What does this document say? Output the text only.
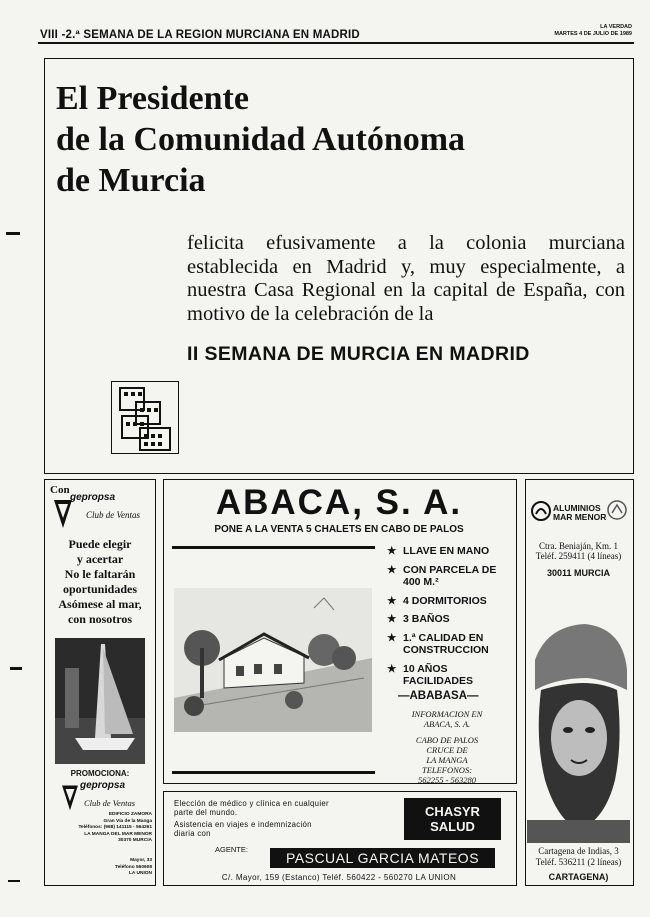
VIII -2.ª SEMANA DE LA REGION MURCIANA EN MADRID
LA VERDAD
MARTES 4 DE JULIO DE 1989
El Presidente
de la Comunidad Autónoma
de Murcia
felicita efusivamente a la colonia murciana establecida en Madrid y, muy especialmente, a nuestra Casa Regional en la capital de España, con motivo de la celebración de la
II SEMANA DE MURCIA EN MADRID
Con
gepropsa
Club de Ventas
Puede elegir
y acertar
No le faltarán
oportunidades
Asómese al mar,
con nosotros
PROMOCIONA:
gepropsa
Club de Ventas
EDIFICIO ZAMORA
Gran Vía de la Manga
Teléfonos: (968) 141115 - 564261
LA MANGA DEL MAR MENOR
30370 MURCIA
Mayor, 33
Teléfono 560608
LA UNION
ABACA, S. A.
PONE A LA VENTA 5 CHALETS EN CABO DE PALOS
★ LLAVE EN MANO
★ CON PARCELA DE 400 M.²
★ 4 DORMITORIOS
★ 3 BAÑOS
★ 1.ª CALIDAD EN CONSTRUCCION
★ 10 AÑOS FACILIDADES
—ABABASA—
INFORMACION EN
ABACA, S. A.
CABO DE PALOS
CRUCE DE
LA MANGA
TELEFONOS:
562255 - 563280
ALUMINIOS
MAR MENOR
Ctra. Beniaján, Km. 1
Teléf. 259411 (4 líneas)
30011 MURCIA
Cartagena de Indias, 3
Teléf. 536211 (2 líneas)
CARTAGENA)
Elección de médico y clínica en cualquier
parte del mundo.
Asistencia en viajes e indemnización
diaria con
CHASYR
SALUD
AGENTE:
PASCUAL GARCIA MATEOS
C/. Mayor, 159 (Estanco) Teléf. 560422 - 560270 LA UNION
